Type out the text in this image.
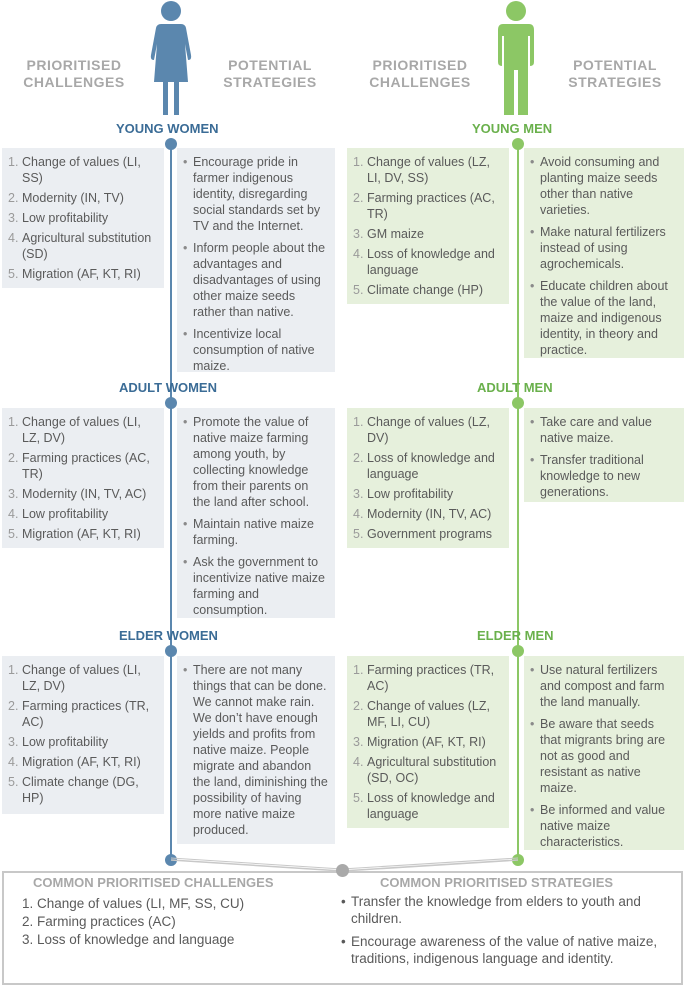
PRIORITISED CHALLENGES
POTENTIAL STRATEGIES
PRIORITISED CHALLENGES
POTENTIAL STRATEGIES
YOUNG WOMEN	YOUNG MEN
ADULT WOMEN	ADULT MEN
ELDER WOMEN	ELDER MEN
1. Change of values (LI, SS)
2. Modernity (IN, TV)
3. Low profitability
4. Agricultural substitution (SD)
5. Migration (AF, KT, RI)
• Encourage pride in farmer indigenous identity, disregarding social standards set by TV and the Internet.
• Inform people about the advantages and disadvantages of using other maize seeds rather than native.
• Incentivize local consumption of native maize.
1. Change of values (LZ, LI, DV, SS)
2. Farming practices (AC, TR)
3. GM maize
4. Loss of knowledge and language
5. Climate change (HP)
• Avoid consuming and planting maize seeds other than native varieties.
• Make natural fertilizers instead of using agrochemicals.
• Educate children about the value of the land, maize and indigenous identity, in theory and practice.
1. Change of values (LI, LZ, DV)
2. Farming practices (AC, TR)
3. Modernity (IN, TV, AC)
4. Low profitability
5. Migration (AF, KT, RI)
• Promote the value of native maize farming among youth, by collecting knowledge from their parents on the land after school.
• Maintain native maize farming.
• Ask the government to incentivize native maize farming and consumption.
1. Change of values (LZ, DV)
2. Loss of knowledge and language
3. Low profitability
4. Modernity (IN, TV, AC)
5. Government programs
• Take care and value native maize.
• Transfer traditional knowledge to new generations.
1. Change of values (LI, LZ, DV)
2. Farming practices (TR, AC)
3. Low profitability
4. Migration (AF, KT, RI)
5. Climate change (DG, HP)
• There are not many things that can be done. We cannot make rain. We don’t have enough yields and profits from native maize. People migrate and abandon the land, diminishing the possibility of having more native maize produced.
1. Farming practices (TR, AC)
2. Change of values (LZ, MF, LI, CU)
3. Migration (AF, KT, RI)
4. Agricultural substitution (SD, OC)
5. Loss of knowledge and language
• Use natural fertilizers and compost and farm the land manually.
• Be aware that seeds that migrants bring are not as good and resistant as native maize.
• Be informed and value native maize characteristics.
COMMON PRIORITISED CHALLENGES	COMMON PRIORITISED STRATEGIES
1. Change of values (LI, MF, SS, CU)
2. Farming practices (AC)
3. Loss of knowledge and language
• Transfer the knowledge from elders to youth and children.
• Encourage awareness of the value of native maize, traditions, indigenous language and identity.
